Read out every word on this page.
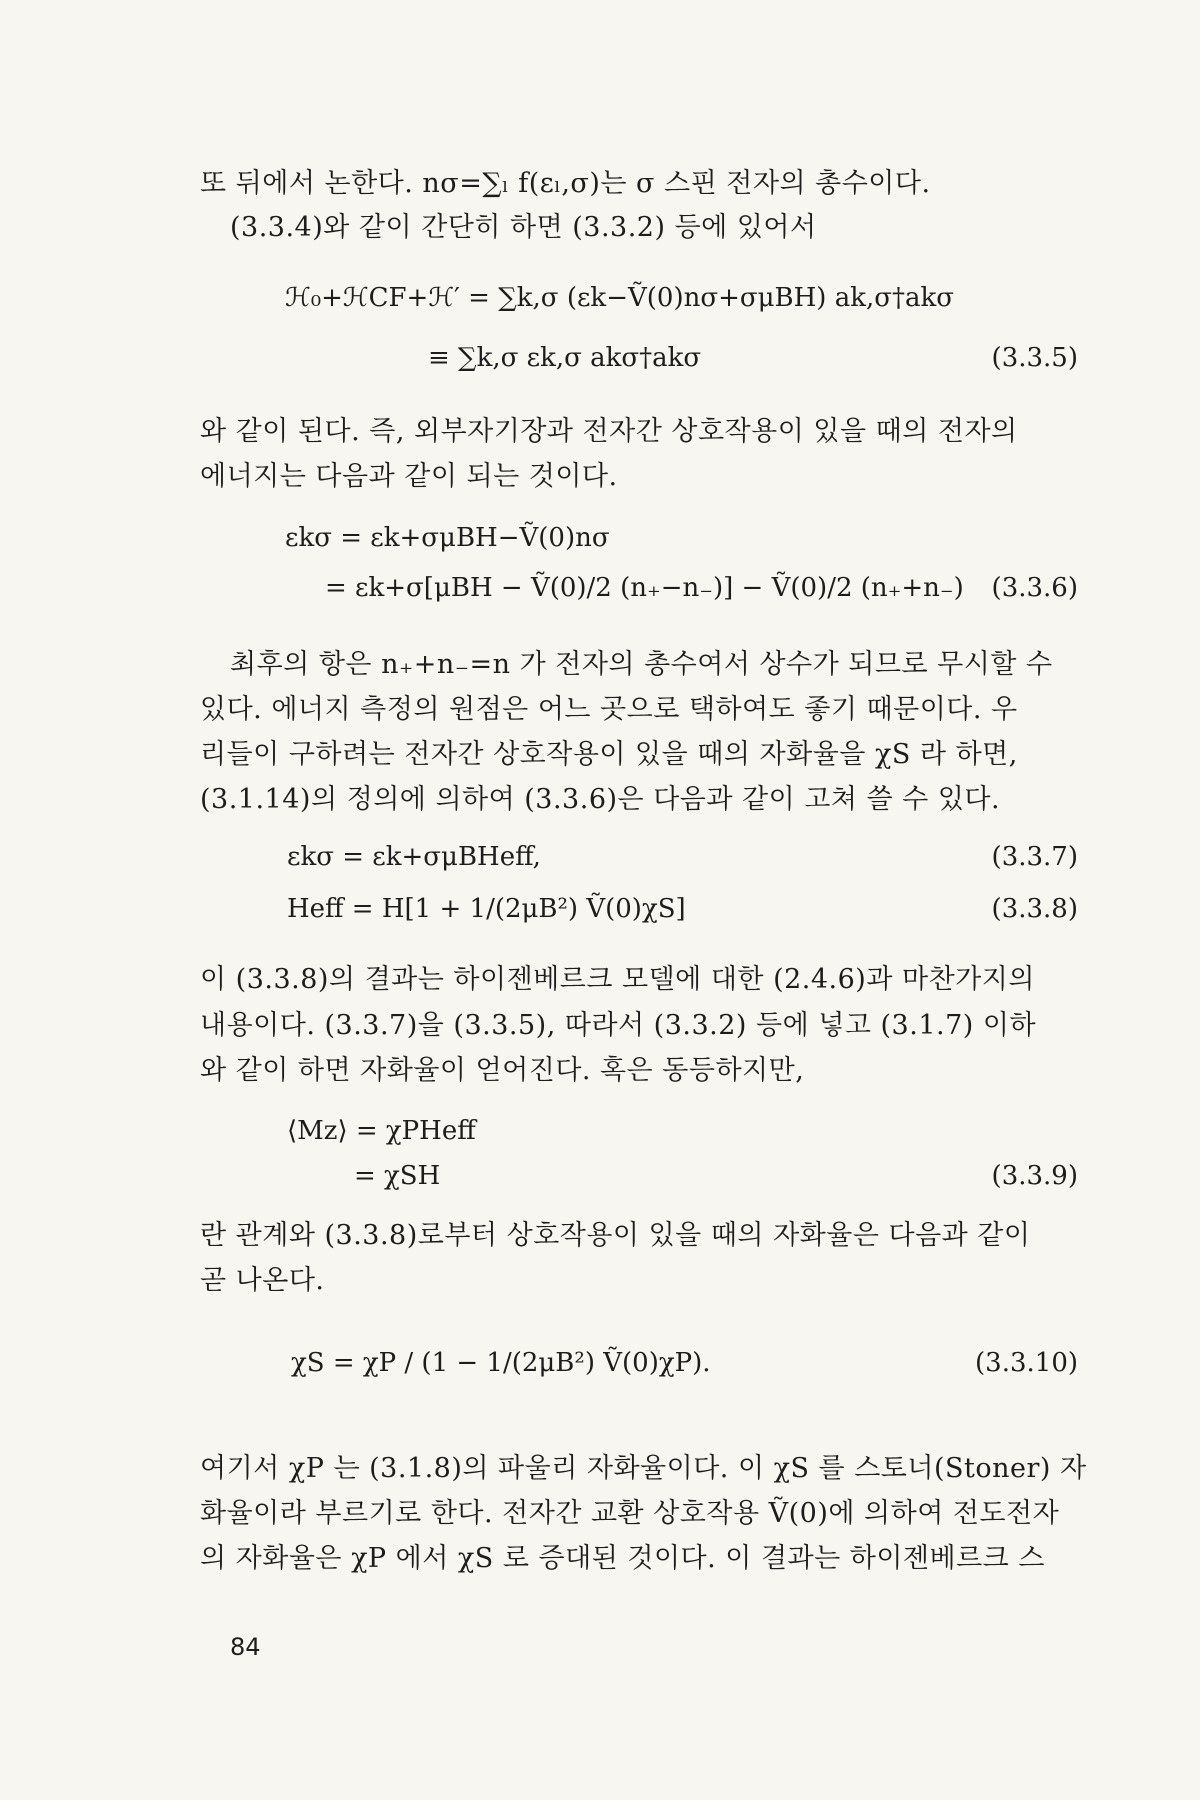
또 뒤에서 논한다. nσ=∑ₗ f(εₗ,σ)는 σ 스핀 전자의 총수이다.
(3.3.4)와 같이 간단히 하면 (3.3.2) 등에 있어서
ℋ₀+ℋCF+ℋ′ = ∑k,σ (εk−Ṽ(0)nσ+σμBH) ak,σ†akσ
≡ ∑k,σ εk,σ akσ†akσ	(3.3.5)
와 같이 된다. 즉, 외부자기장과 전자간 상호작용이 있을 때의 전자의
에너지는 다음과 같이 되는 것이다.
εkσ = εk+σμBH−Ṽ(0)nσ
= εk+σ[μBH − Ṽ(0)/2 (n₊−n₋)] − Ṽ(0)/2 (n₊+n₋) (3.3.6)
최후의 항은 n₊+n₋=n 가 전자의 총수여서 상수가 되므로 무시할 수
있다. 에너지 측정의 원점은 어느 곳으로 택하여도 좋기 때문이다. 우
리들이 구하려는 전자간 상호작용이 있을 때의 자화율을 χS 라 하면,
(3.1.14)의 정의에 의하여 (3.3.6)은 다음과 같이 고쳐 쓸 수 있다.
εkσ = εk+σμBHeff,	(3.3.7)
Heff = H[1 + 1/(2μB²) Ṽ(0)χS]	(3.3.8)
이 (3.3.8)의 결과는 하이젠베르크 모델에 대한 (2.4.6)과 마찬가지의
내용이다. (3.3.7)을 (3.3.5), 따라서 (3.3.2) 등에 넣고 (3.1.7) 이하
와 같이 하면 자화율이 얻어진다. 혹은 동등하지만,
⟨Mz⟩ = χPHeff
= χSH	(3.3.9)
란 관계와 (3.3.8)로부터 상호작용이 있을 때의 자화율은 다음과 같이
곧 나온다.
χS = χP / (1 − 1/(2μB²) Ṽ(0)χP).	(3.3.10)
여기서 χP 는 (3.1.8)의 파울리 자화율이다. 이 χS 를 스토너(Stoner) 자
화율이라 부르기로 한다. 전자간 교환 상호작용 Ṽ(0)에 의하여 전도전자
의 자화율은 χP 에서 χS 로 증대된 것이다. 이 결과는 하이젠베르크 스
84
